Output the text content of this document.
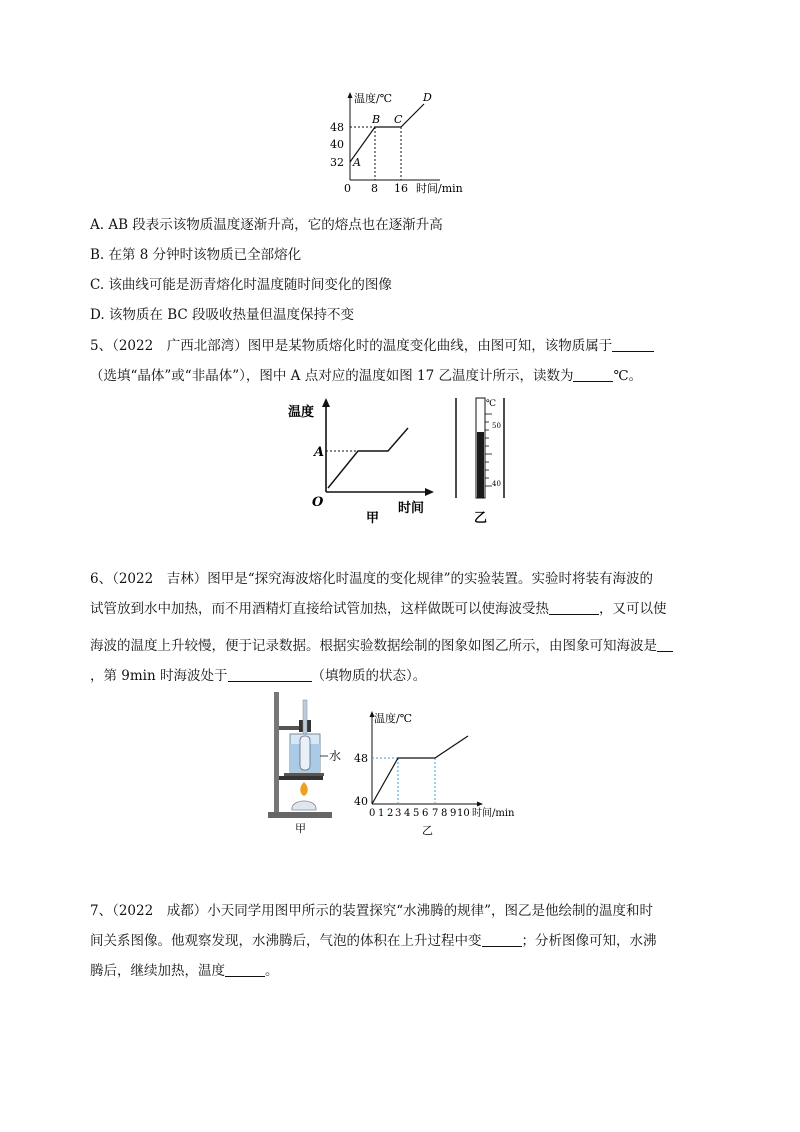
温度/℃
48
40
32
0 8 16 时间/min
A
B C
D
A. AB 段表示该物质温度逐渐升高，它的熔点也在逐渐升高
B. 在第 8 分钟时该物质已全部熔化
C. 该曲线可能是沥青熔化时温度随时间变化的图像
D. 该物质在 BC 段吸收热量但温度保持不变
5、（2022　广西北部湾）图甲是某物质熔化时的温度变化曲线，由图可知，该物质属于
（选填“晶体”或“非晶体”），图中 A 点对应的温度如图 17 乙温度计所示，读数为	℃。
温度
A
O	时间
甲
℃
50
40
乙
6、（2022　吉林）图甲是“探究海波熔化时温度的变化规律”的实验装置。实验时将装有海波的
试管放到水中加热，而不用酒精灯直接给试管加热，这样做既可以使海波受热	，又可以使
海波的温度上升较慢，便于记录数据。根据实验数据绘制的图象如图乙所示，由图象可知海波是
，第 9min 时海波处于	（填物质的状态）。
水
甲
温度/℃
48
40
0 1 2 3 4 5 6 7 8 9 10 时间/min
乙
7、（2022　成都）小天同学用图甲所示的装置探究“水沸腾的规律”，图乙是他绘制的温度和时
间关系图像。他观察发现，水沸腾后，气泡的体积在上升过程中变	；分析图像可知，水沸
腾后，继续加热，温度	。
